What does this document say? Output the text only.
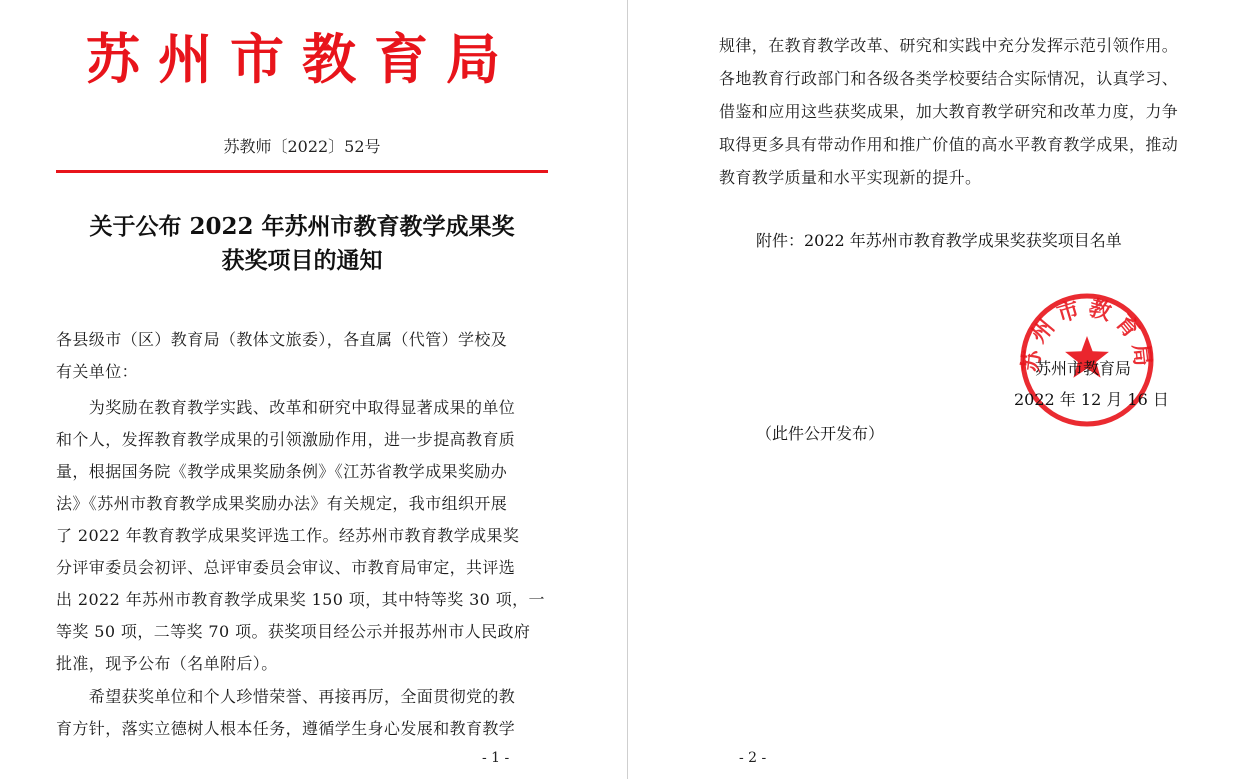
苏州市教育局
苏教师〔2022〕52号
关于公布 2022 年苏州市教育教学成果奖
获奖项目的通知
各县级市（区）教育局（教体文旅委），各直属（代管）学校及
有关单位：
　　为奖励在教育教学实践、改革和研究中取得显著成果的单位
和个人，发挥教育教学成果的引领激励作用，进一步提高教育质
量，根据国务院《教学成果奖励条例》《江苏省教学成果奖励办
法》《苏州市教育教学成果奖励办法》有关规定，我市组织开展
了 2022 年教育教学成果奖评选工作。经苏州市教育教学成果奖
分评审委员会初评、总评审委员会审议、市教育局审定，共评选
出 2022 年苏州市教育教学成果奖 150 项，其中特等奖 30 项，一
等奖 50 项，二等奖 70 项。获奖项目经公示并报苏州市人民政府
批准，现予公布（名单附后）。
　　希望获奖单位和个人珍惜荣誉、再接再厉，全面贯彻党的教
育方针，落实立德树人根本任务，遵循学生身心发展和教育教学
- 1 -
规律，在教育教学改革、研究和实践中充分发挥示范引领作用。
各地教育行政部门和各级各类学校要结合实际情况，认真学习、
借鉴和应用这些获奖成果，加大教育教学研究和改革力度，力争
取得更多具有带动作用和推广价值的高水平教育教学成果，推动
教育教学质量和水平实现新的提升。
附件：2022 年苏州市教育教学成果奖获奖项目名单
苏州市教育局
苏州市教育局
2022 年 12 月 16 日
（此件公开发布）
- 2 -
